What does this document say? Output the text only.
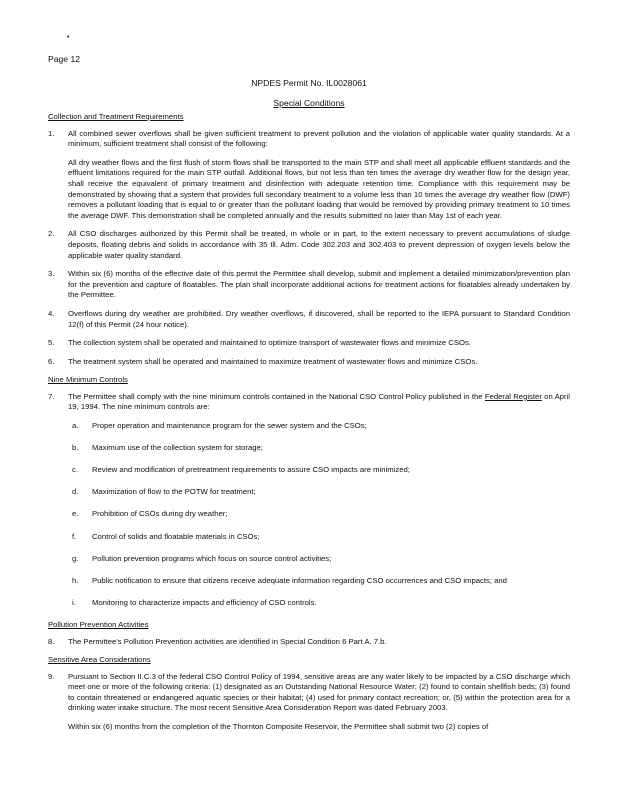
•
Page 12
NPDES Permit No. IL0028061
Special Conditions
Collection and Treatment Requirements
1. All combined sewer overflows shall be given sufficient treatment to prevent pollution and the violation of applicable water quality standards. At a minimum, sufficient treatment shall consist of the following:

All dry weather flows and the first flush of storm flows shall be transported to the main STP and shall meet all applicable effluent standards and the effluent limitations required for the main STP outfall. Additional flows, but not less than ten times the average dry weather flow for the design year, shall receive the equivalent of primary treatment and disinfection with adequate retention time. Compliance with this requirement may be demonstrated by showing that a system that provides full secondary treatment to a volume less than 10 times the average dry weather flow (DWF) removes a pollutant loading that is equal to or greater than the pollutant loading that would be removed by providing primary treatment to 10 times the average DWF. This demonstration shall be completed annually and the results submitted no later than May 1st of each year.

2. All CSO discharges authorized by this Permit shall be treated, in whole or in part, to the extent necessary to prevent accumulations of sludge deposits, floating debris and solids in accordance with 35 Ill. Adm. Code 302.203 and 302.403 to prevent depression of oxygen levels below the applicable water quality standard.

3. Within six (6) months of the effective date of this permit the Permittee shall develop, submit and implement a detailed minimization/prevention plan for the prevention and capture of floatables. The plan shall incorporate additional actions for treatment actions for floatables already undertaken by the Permittee.

4. Overflows during dry weather are prohibited. Dry weather overflows, if discovered, shall be reported to the IEPA pursuant to Standard Condition 12(f) of this Permit (24 hour notice).

5. The collection system shall be operated and maintained to optimize transport of wastewater flows and minimize CSOs.

6. The treatment system shall be operated and maintained to maximize treatment of wastewater flows and minimize CSOs.

Nine Minimum Controls
7. The Permittee shall comply with the nine minimum controls contained in the National CSO Control Policy published in the Federal Register on April 19, 1994. The nine minimum controls are:

a. Proper operation and maintenance program for the sewer system and the CSOs;
b. Maximum use of the collection system for storage;
c. Review and modification of pretreatment requirements to assure CSO impacts are minimized;
d. Maximization of flow to the POTW for treatment;
e. Prohibition of CSOs during dry weather;
f. Control of solids and floatable materials in CSOs;
g. Pollution prevention programs which focus on source control activities;
h. Public notification to ensure that citizens receive adequate information regarding CSO occurrences and CSO impacts; and
i. Monitoring to characterize impacts and efficiency of CSO controls.
Pollution Prevention Activities
8. The Permittee's Pollution Prevention activities are identified in Special Condition 6 Part A. 7.b.

Sensitive Area Considerations
9. Pursuant to Section II.C.3 of the federal CSO Control Policy of 1994, sensitive areas are any water likely to be impacted by a CSO discharge which meet one or more of the following criteria: (1) designated as an Outstanding National Resource Water; (2) found to contain shellfish beds; (3) found to contain threatened or endangered aquatic species or their habitat; (4) used for primary contact recreation; or, (5) within the protection area for a drinking water intake structure. The most recent Sensitive Area Consideration Report was dated February 2003.

Within six (6) months from the completion of the Thornton Composite Reservoir, the Permittee shall submit two (2) copies of
